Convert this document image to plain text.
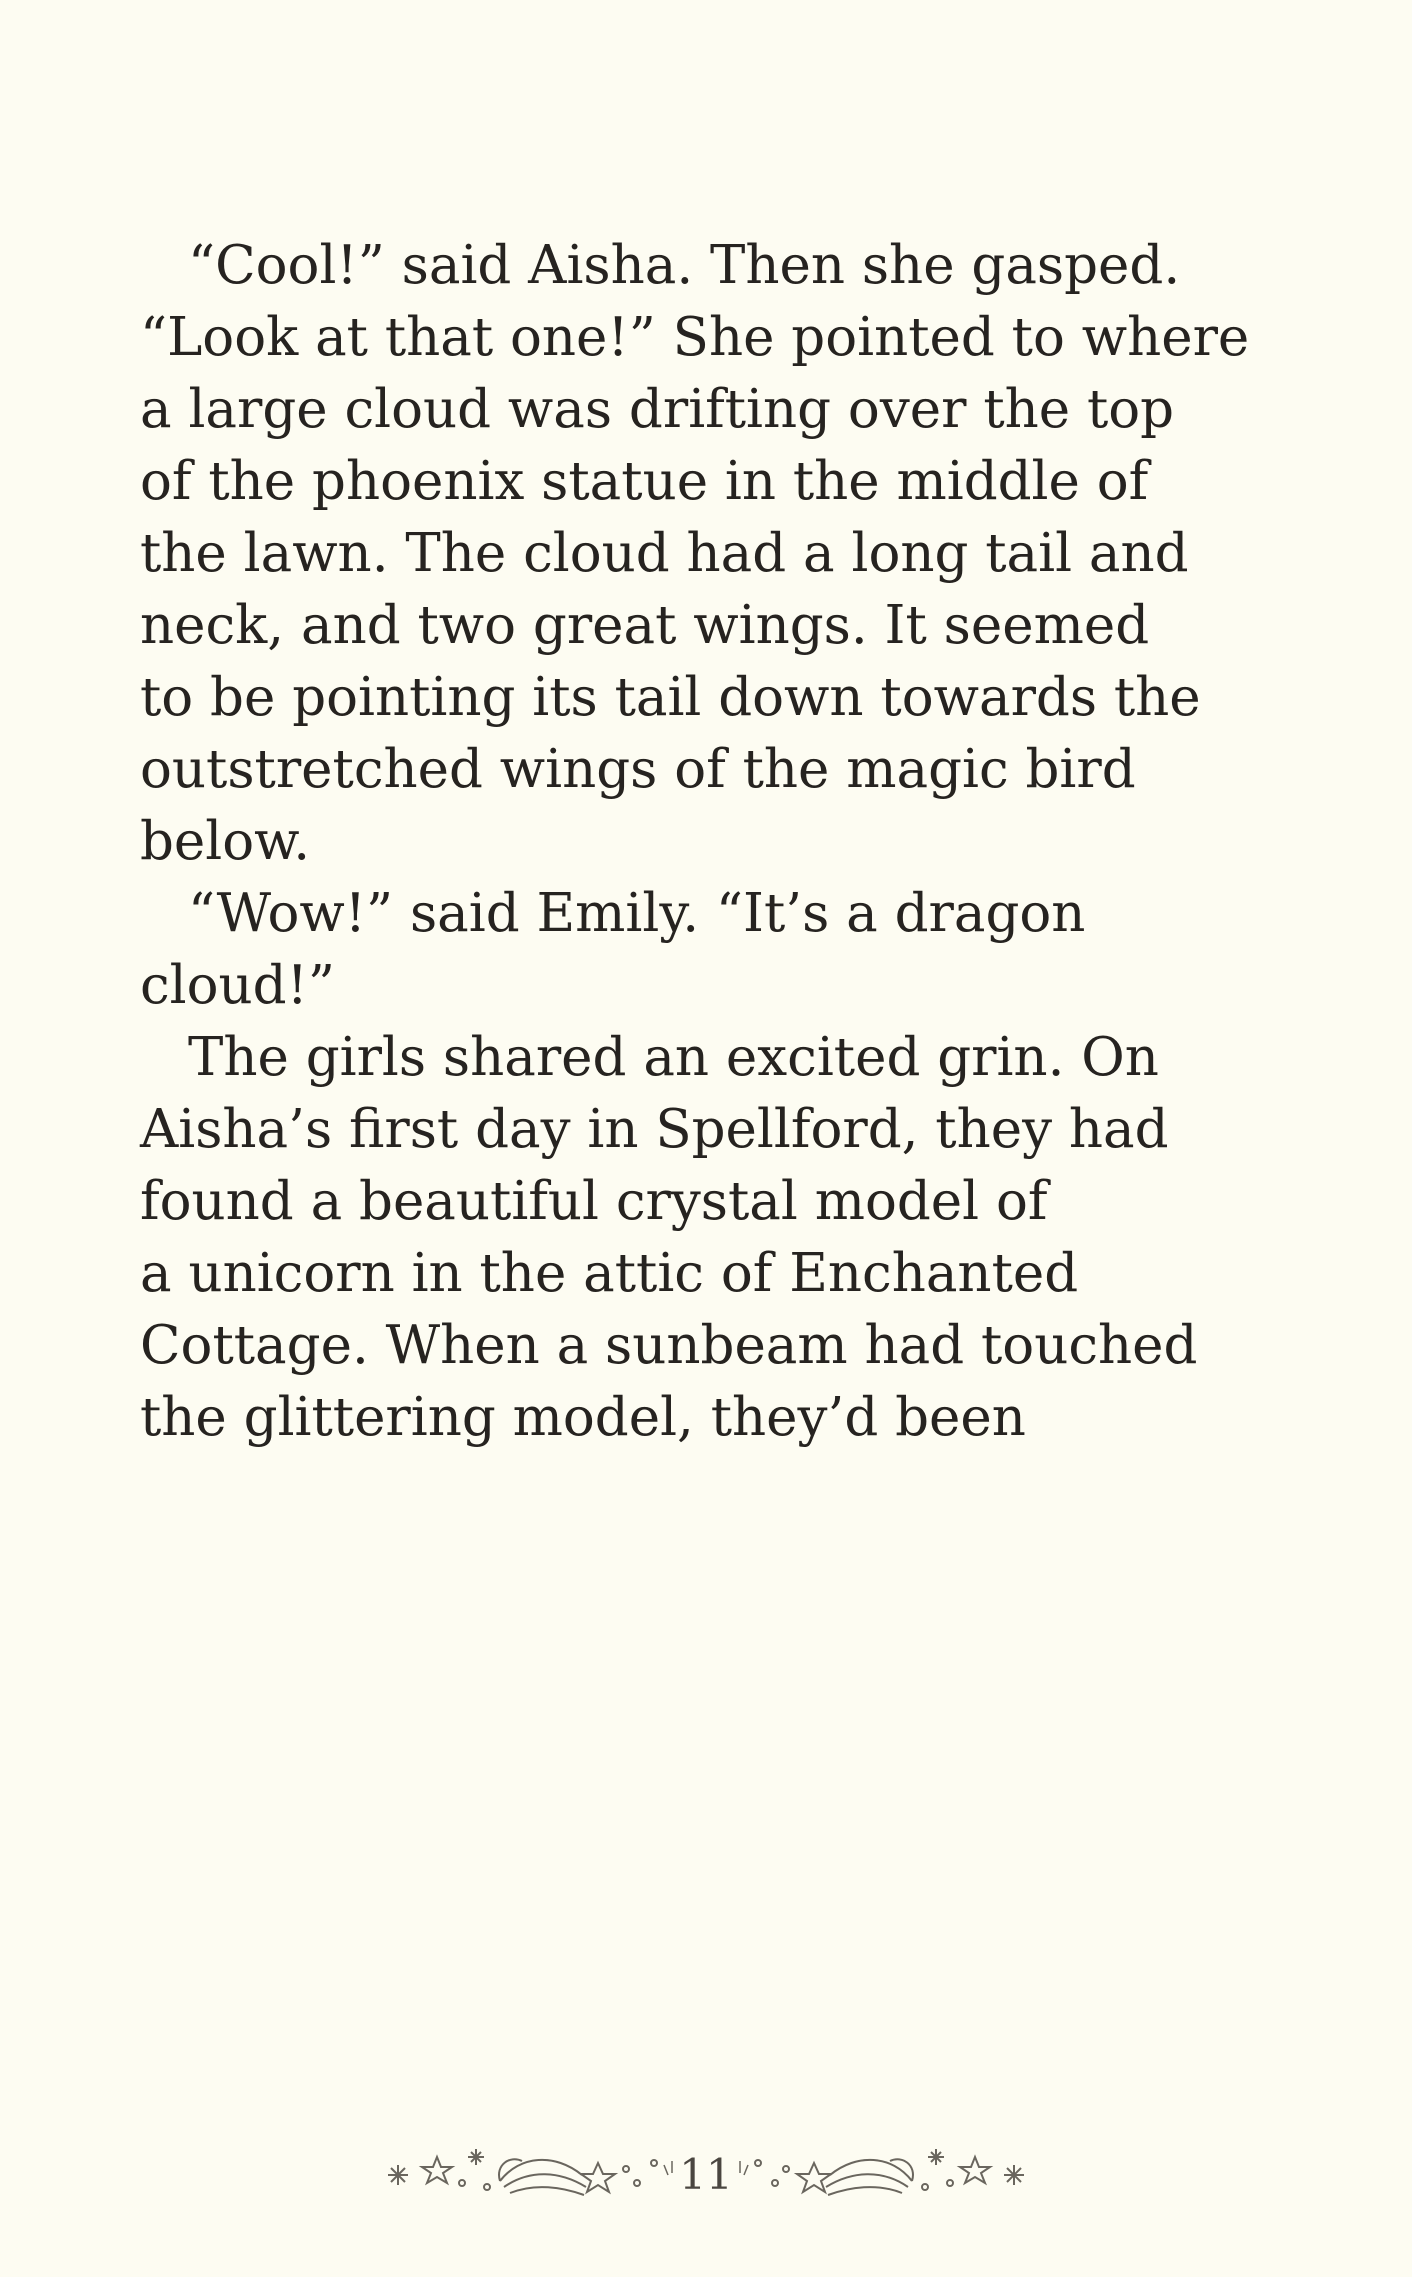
“Cool!” said Aisha. Then she gasped.
“Look at that one!” She pointed to where
a large cloud was drifting over the top
of the phoenix statue in the middle of
the lawn. The cloud had a long tail and
neck, and two great wings. It seemed
to be pointing its tail down towards the
outstretched wings of the magic bird
below.
“Wow!” said Emily. “It’s a dragon
cloud!”
The girls shared an excited grin. On
Aisha’s first day in Spellford, they had
found a beautiful crystal model of
a unicorn in the attic of Enchanted
Cottage. When a sunbeam had touched
the glittering model, they’d been
11
